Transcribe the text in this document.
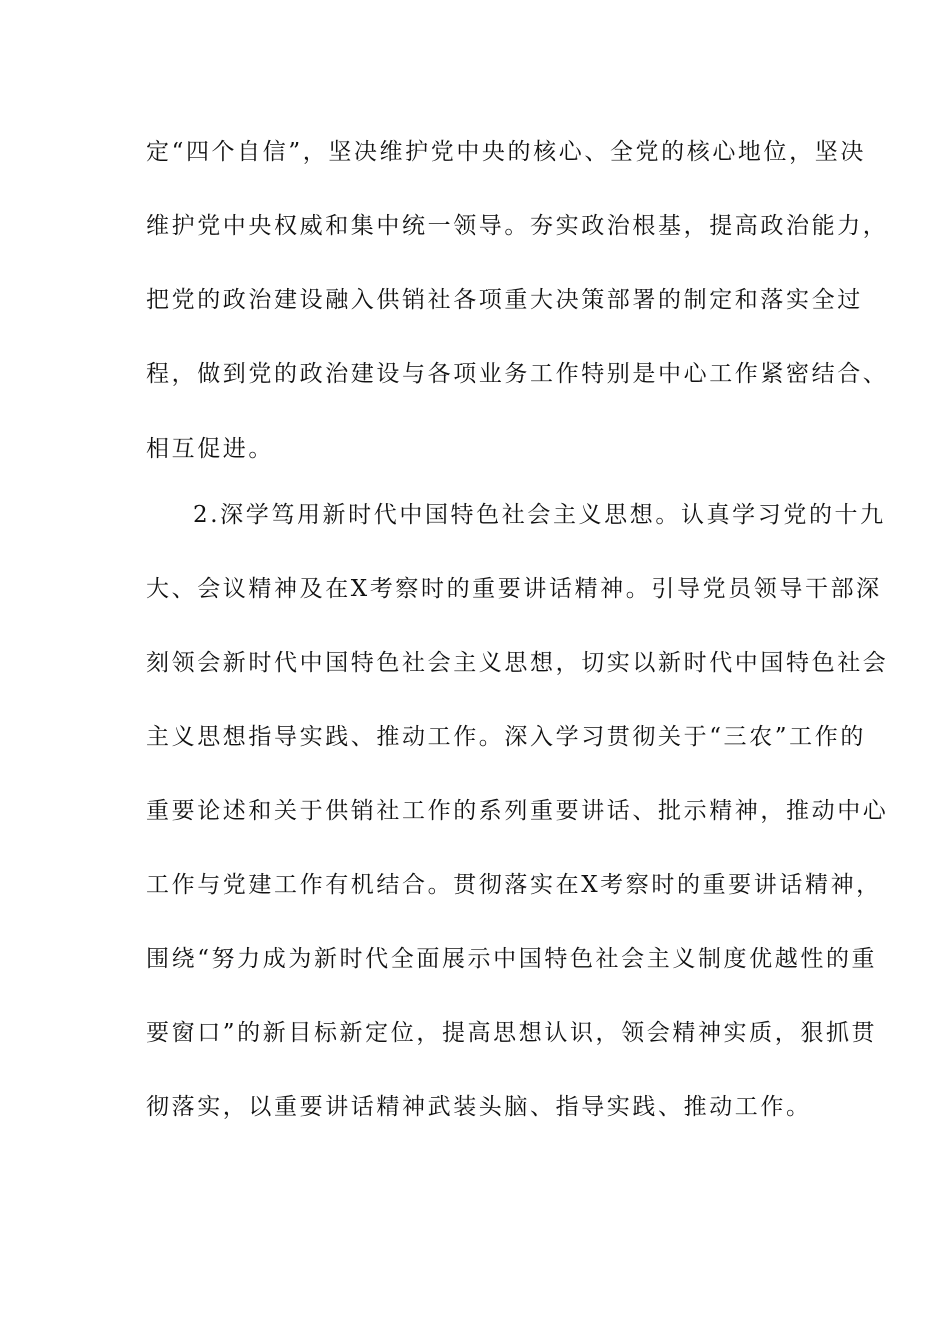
定“四个自信”，坚决维护党中央的核心、全党的核心地位，坚决
维护党中央权威和集中统一领导。夯实政治根基，提高政治能力，
把党的政治建设融入供销社各项重大决策部署的制定和落实全过
程，做到党的政治建设与各项业务工作特别是中心工作紧密结合、
相互促进。
2.深学笃用新时代中国特色社会主义思想。认真学习党的十九
大、会议精神及在X考察时的重要讲话精神。引导党员领导干部深
刻领会新时代中国特色社会主义思想，切实以新时代中国特色社会
主义思想指导实践、推动工作。深入学习贯彻关于“三农”工作的
重要论述和关于供销社工作的系列重要讲话、批示精神，推动中心
工作与党建工作有机结合。贯彻落实在X考察时的重要讲话精神，
围绕“努力成为新时代全面展示中国特色社会主义制度优越性的重
要窗口”的新目标新定位，提高思想认识，领会精神实质，狠抓贯
彻落实，以重要讲话精神武装头脑、指导实践、推动工作。
